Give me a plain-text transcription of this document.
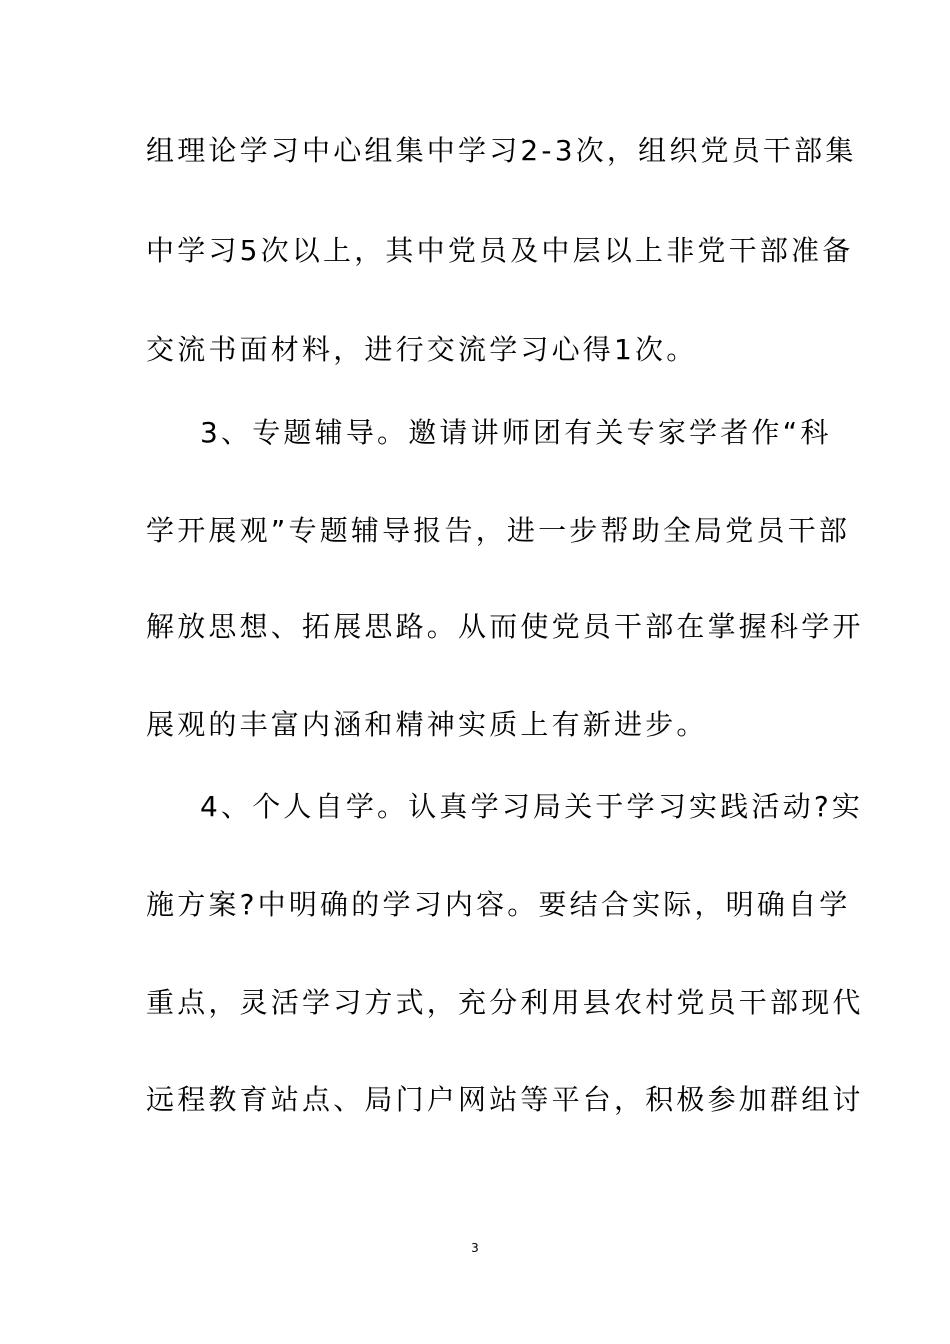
组理论学习中心组集中学习2-3次，组织党员干部集
中学习5次以上，其中党员及中层以上非党干部准备
交流书面材料，进行交流学习心得1次。
3、专题辅导。邀请讲师团有关专家学者作“科
学开展观”专题辅导报告，进一步帮助全局党员干部
解放思想、拓展思路。从而使党员干部在掌握科学开
展观的丰富内涵和精神实质上有新进步。
4、个人自学。认真学习局关于学习实践活动?实
施方案?中明确的学习内容。要结合实际，明确自学
重点，灵活学习方式，充分利用县农村党员干部现代
远程教育站点、局门户网站等平台，积极参加群组讨
3
